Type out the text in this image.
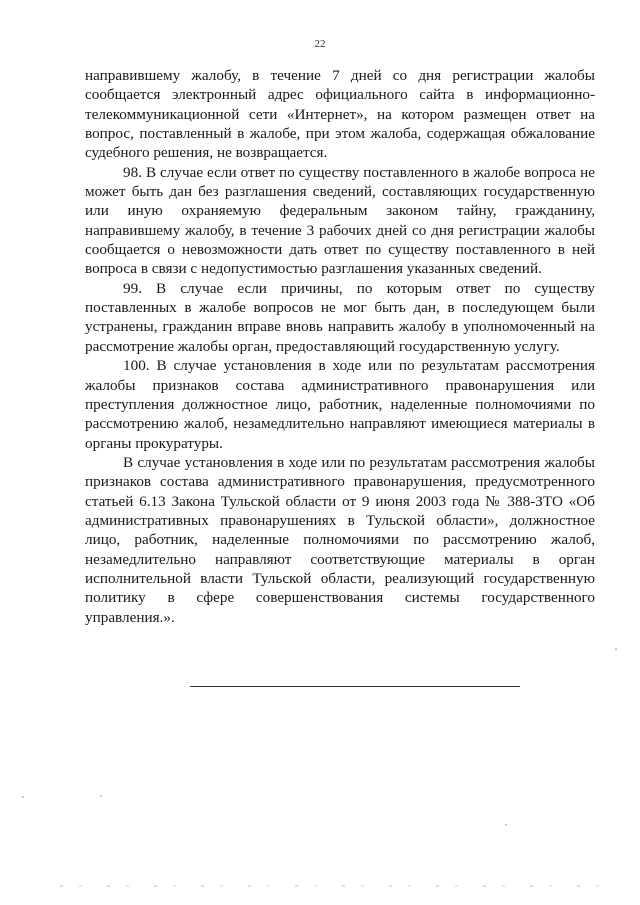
22

направившему жалобу, в течение 7 дней со дня регистрации жалобы сообщается электронный адрес официального сайта в информационно-телекоммуникационной сети «Интернет», на котором размещен ответ на вопрос, поставленный в жалобе, при этом жалоба, содержащая обжалование судебного решения, не возвращается.

98. В случае если ответ по существу поставленного в жалобе вопроса не может быть дан без разглашения сведений, составляющих государственную или иную охраняемую федеральным законом тайну, гражданину, направившему жалобу, в течение 3 рабочих дней со дня регистрации жалобы сообщается о невозможности дать ответ по существу поставленного в ней вопроса в связи с недопустимостью разглашения указанных сведений.

99. В случае если причины, по которым ответ по существу поставленных в жалобе вопросов не мог быть дан, в последующем были устранены, гражданин вправе вновь направить жалобу в уполномоченный на рассмотрение жалобы орган, предоставляющий государственную услугу.

100. В случае установления в ходе или по результатам рассмотрения жалобы признаков состава административного правонарушения или преступления должностное лицо, работник, наделенные полномочиями по рассмотрению жалоб, незамедлительно направляют имеющиеся материалы в органы прокуратуры.

В случае установления в ходе или по результатам рассмотрения жалобы признаков состава административного правонарушения, предусмотренного статьей 6.13 Закона Тульской области от 9 июня 2003 года № 388-ЗТО «Об административных правонарушениях в Тульской области», должностное лицо, работник, наделенные полномочиями по рассмотрению жалоб, незамедлительно направляют соответствующие материалы в орган исполнительной власти Тульской области, реализующий государственную политику в сфере совершенствования системы государственного управления.».
